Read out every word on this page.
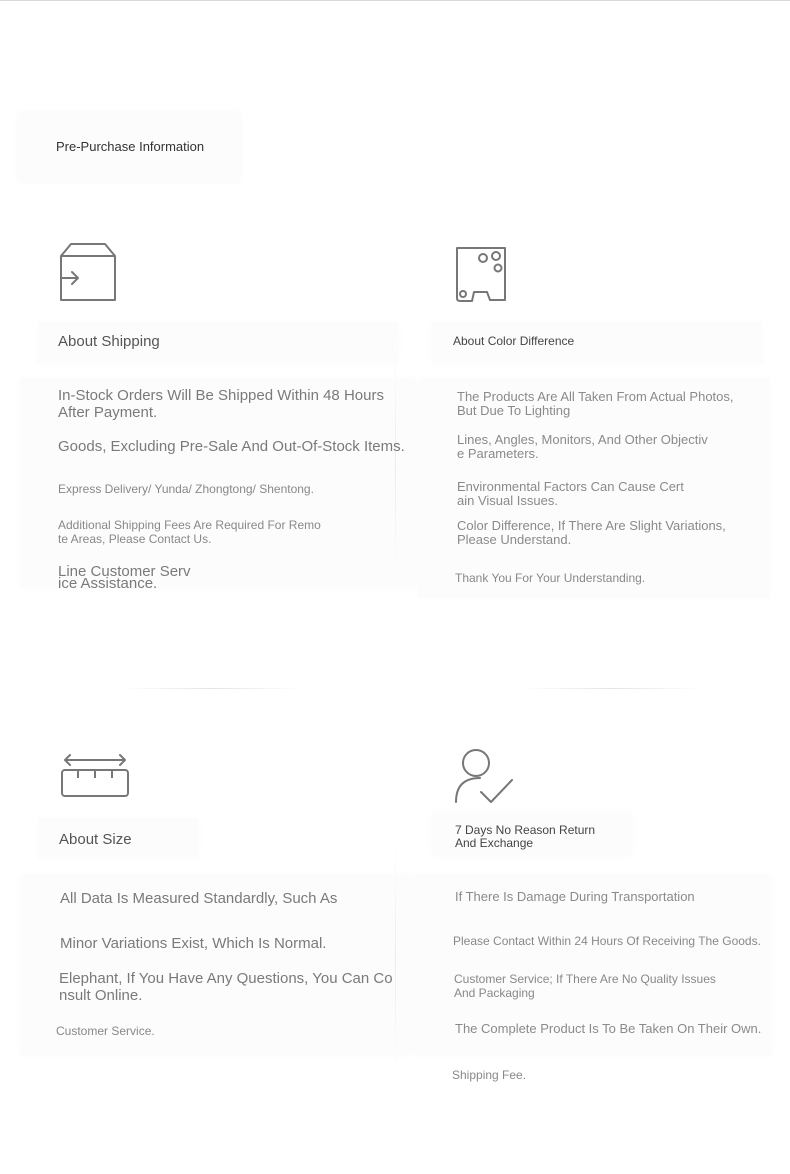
Pre-Purchase Information
About Shipping
In-Stock Orders Will Be Shipped Within 48 Hours
After Payment.
Goods, Excluding Pre-Sale And Out-Of-Stock Items.
Express Delivery/ Yunda/ Zhongtong/ Shentong.
Additional Shipping Fees Are Required For Remo
te Areas, Please Contact Us.
Line Customer Serv
ice Assistance.
About Color Difference
The Products Are All Taken From Actual Photos,
But Due To Lighting
Lines, Angles, Monitors, And Other Objectiv
e Parameters.
Environmental Factors Can Cause Cert
ain Visual Issues.
Color Difference, If There Are Slight Variations,
Please Understand.
Thank You For Your Understanding.
About Size
All Data Is Measured Standardly, Such As
Minor Variations Exist, Which Is Normal.
Elephant, If You Have Any Questions, You Can Co
nsult Online.
Customer Service.
7 Days No Reason Return
And Exchange
If There Is Damage During Transportation
Please Contact Within 24 Hours Of Receiving The Goods.
Customer Service; If There Are No Quality Issues
And Packaging
The Complete Product Is To Be Taken On Their Own.
Shipping Fee.
